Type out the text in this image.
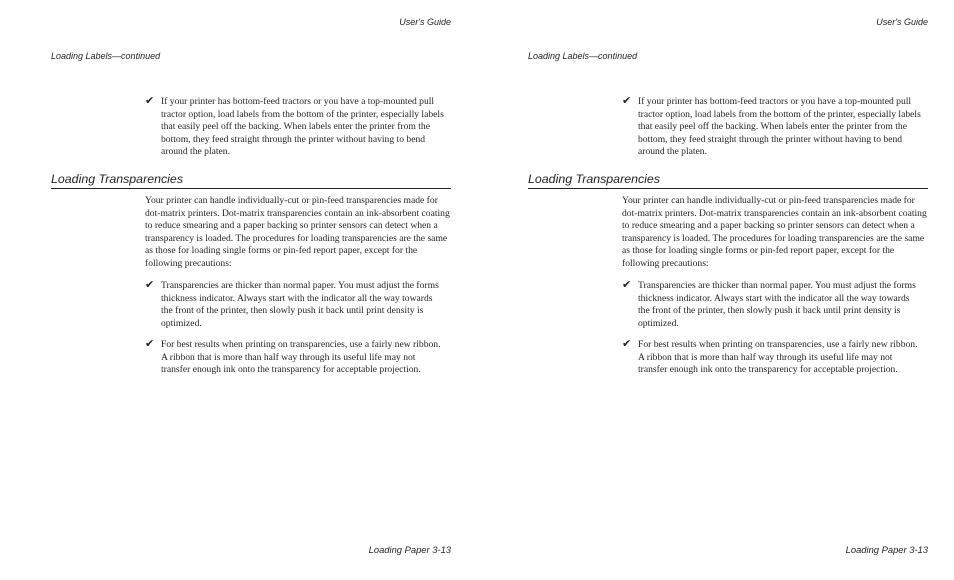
User's Guide
Loading Labels—continued
✔ If your printer has bottom-feed tractors or you have a top-mounted pull tractor option, load labels from the bottom of the printer, especially labels that easily peel off the backing. When labels enter the printer from the bottom, they feed straight through the printer without having to bend around the platen.
Loading Transparencies
Your printer can handle individually-cut or pin-feed transparencies made for dot-matrix printers. Dot-matrix transparencies contain an ink-absorbent coating to reduce smearing and a paper backing so printer sensors can detect when a transparency is loaded. The procedures for loading transparencies are the same as those for loading single forms or pin-fed report paper, except for the following precautions:
✔ Transparencies are thicker than normal paper. You must adjust the forms thickness indicator. Always start with the indicator all the way towards the front of the printer, then slowly push it back until print density is optimized.
✔ For best results when printing on transparencies, use a fairly new ribbon. A ribbon that is more than half way through its useful life may not transfer enough ink onto the transparency for acceptable projection.
Loading Paper 3-13
User's Guide
Loading Labels—continued
✔ If your printer has bottom-feed tractors or you have a top-mounted pull tractor option, load labels from the bottom of the printer, especially labels that easily peel off the backing. When labels enter the printer from the bottom, they feed straight through the printer without having to bend around the platen.
Loading Transparencies
Your printer can handle individually-cut or pin-feed transparencies made for dot-matrix printers. Dot-matrix transparencies contain an ink-absorbent coating to reduce smearing and a paper backing so printer sensors can detect when a transparency is loaded. The procedures for loading transparencies are the same as those for loading single forms or pin-fed report paper, except for the following precautions:
✔ Transparencies are thicker than normal paper. You must adjust the forms thickness indicator. Always start with the indicator all the way towards the front of the printer, then slowly push it back until print density is optimized.
✔ For best results when printing on transparencies, use a fairly new ribbon. A ribbon that is more than half way through its useful life may not transfer enough ink onto the transparency for acceptable projection.
Loading Paper 3-13
